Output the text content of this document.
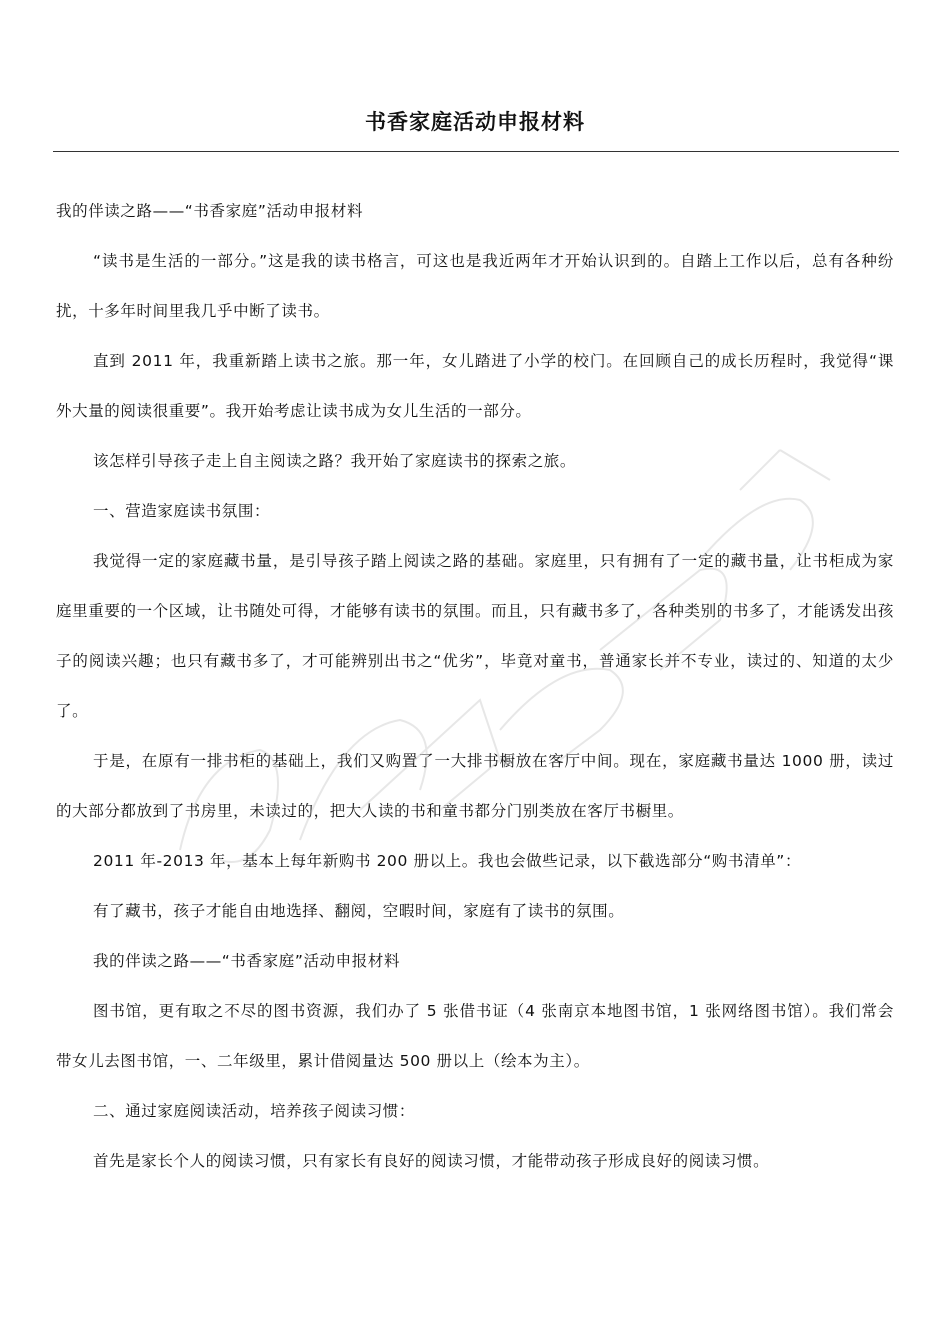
书香家庭活动申报材料

我的伴读之路——“书香家庭”活动申报材料

“读书是生活的一部分。”这是我的读书格言，可这也是我近两年才开始认识到的。自踏上工作以后，总有各种纷扰，十多年时间里我几乎中断了读书。

直到 2011 年，我重新踏上读书之旅。那一年，女儿踏进了小学的校门。在回顾自己的成长历程时，我觉得“课外大量的阅读很重要”。我开始考虑让读书成为女儿生活的一部分。

该怎样引导孩子走上自主阅读之路？我开始了家庭读书的探索之旅。

一、营造家庭读书氛围：

我觉得一定的家庭藏书量，是引导孩子踏上阅读之路的基础。家庭里，只有拥有了一定的藏书量，让书柜成为家庭里重要的一个区域，让书随处可得，才能够有读书的氛围。而且，只有藏书多了，各种类别的书多了，才能诱发出孩子的阅读兴趣；也只有藏书多了，才可能辨别出书之“优劣”，毕竟对童书，普通家长并不专业，读过的、知道的太少了。

于是，在原有一排书柜的基础上，我们又购置了一大排书橱放在客厅中间。现在，家庭藏书量达 1000 册，读过的大部分都放到了书房里，未读过的，把大人读的书和童书都分门别类放在客厅书橱里。

2011 年-2013 年，基本上每年新购书 200 册以上。我也会做些记录，以下截选部分“购书清单”：

有了藏书，孩子才能自由地选择、翻阅，空暇时间，家庭有了读书的氛围。

我的伴读之路——“书香家庭”活动申报材料

图书馆，更有取之不尽的图书资源，我们办了 5 张借书证（4 张南京本地图书馆，1 张网络图书馆）。我们常会带女儿去图书馆，一、二年级里，累计借阅量达 500 册以上（绘本为主）。

二、通过家庭阅读活动，培养孩子阅读习惯：

首先是家长个人的阅读习惯，只有家长有良好的阅读习惯，才能带动孩子形成良好的阅读习惯。
